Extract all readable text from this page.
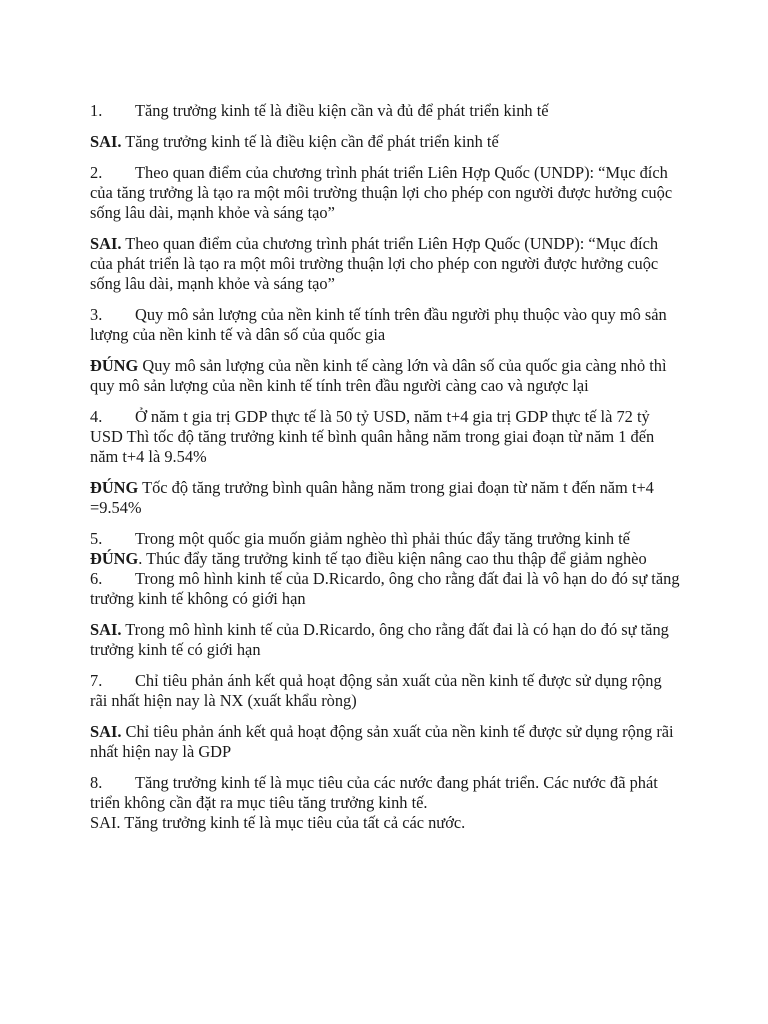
1. Tăng trưởng kinh tế là điều kiện cần và đủ để phát triển kinh tế

SAI. Tăng trưởng kinh tế là điều kiện cần để phát triển kinh tế

2. Theo quan điểm của chương trình phát triển Liên Hợp Quốc (UNDP): “Mục đích của tăng trưởng là tạo ra một môi trường thuận lợi cho phép con người được hưởng cuộc sống lâu dài, mạnh khỏe và sáng tạo”

SAI. Theo quan điểm của chương trình phát triển Liên Hợp Quốc (UNDP): “Mục đích của phát triển là tạo ra một môi trường thuận lợi cho phép con người được hưởng cuộc sống lâu dài, mạnh khỏe và sáng tạo”

3. Quy mô sản lượng của nền kinh tế tính trên đầu người phụ thuộc vào quy mô sản lượng của nền kinh tế và dân số của quốc gia

ĐÚNG Quy mô sản lượng của nền kinh tế càng lớn và dân số của quốc gia càng nhỏ thì quy mô sản lượng của nền kinh tế tính trên đầu người càng cao và ngược lại

4. Ở năm t gia trị GDP thực tế là 50 tỷ USD, năm t+4 gia trị GDP thực tế là 72 tỷ USD Thì tốc độ tăng trưởng kinh tế bình quân hằng năm trong giai đoạn từ năm 1 đến năm t+4 là 9.54%

ĐÚNG Tốc độ tăng trưởng bình quân hằng năm trong giai đoạn từ năm t đến năm t+4 =9.54%

5. Trong một quốc gia muốn giảm nghèo thì phải thúc đẩy tăng trưởng kinh tế

ĐÚNG. Thúc đẩy tăng trưởng kinh tế tạo điều kiện nâng cao thu thập để giảm nghèo

6. Trong mô hình kinh tế của D.Ricardo, ông cho rằng đất đai là vô hạn do đó sự tăng trưởng kinh tế không có giới hạn

SAI. Trong mô hình kinh tế của D.Ricardo, ông cho rằng đất đai là có hạn do đó sự tăng trưởng kinh tế có giới hạn

7. Chỉ tiêu phản ánh kết quả hoạt động sản xuất của nền kinh tế được sử dụng rộng rãi nhất hiện nay là NX (xuất khẩu ròng)

SAI. Chỉ tiêu phản ánh kết quả hoạt động sản xuất của nền kinh tế được sử dụng rộng rãi nhất hiện nay là GDP

8. Tăng trưởng kinh tế là mục tiêu của các nước đang phát triển. Các nước đã phát triển không cần đặt ra mục tiêu tăng trưởng kinh tế.

SAI. Tăng trưởng kinh tế là mục tiêu của tất cả các nước.
